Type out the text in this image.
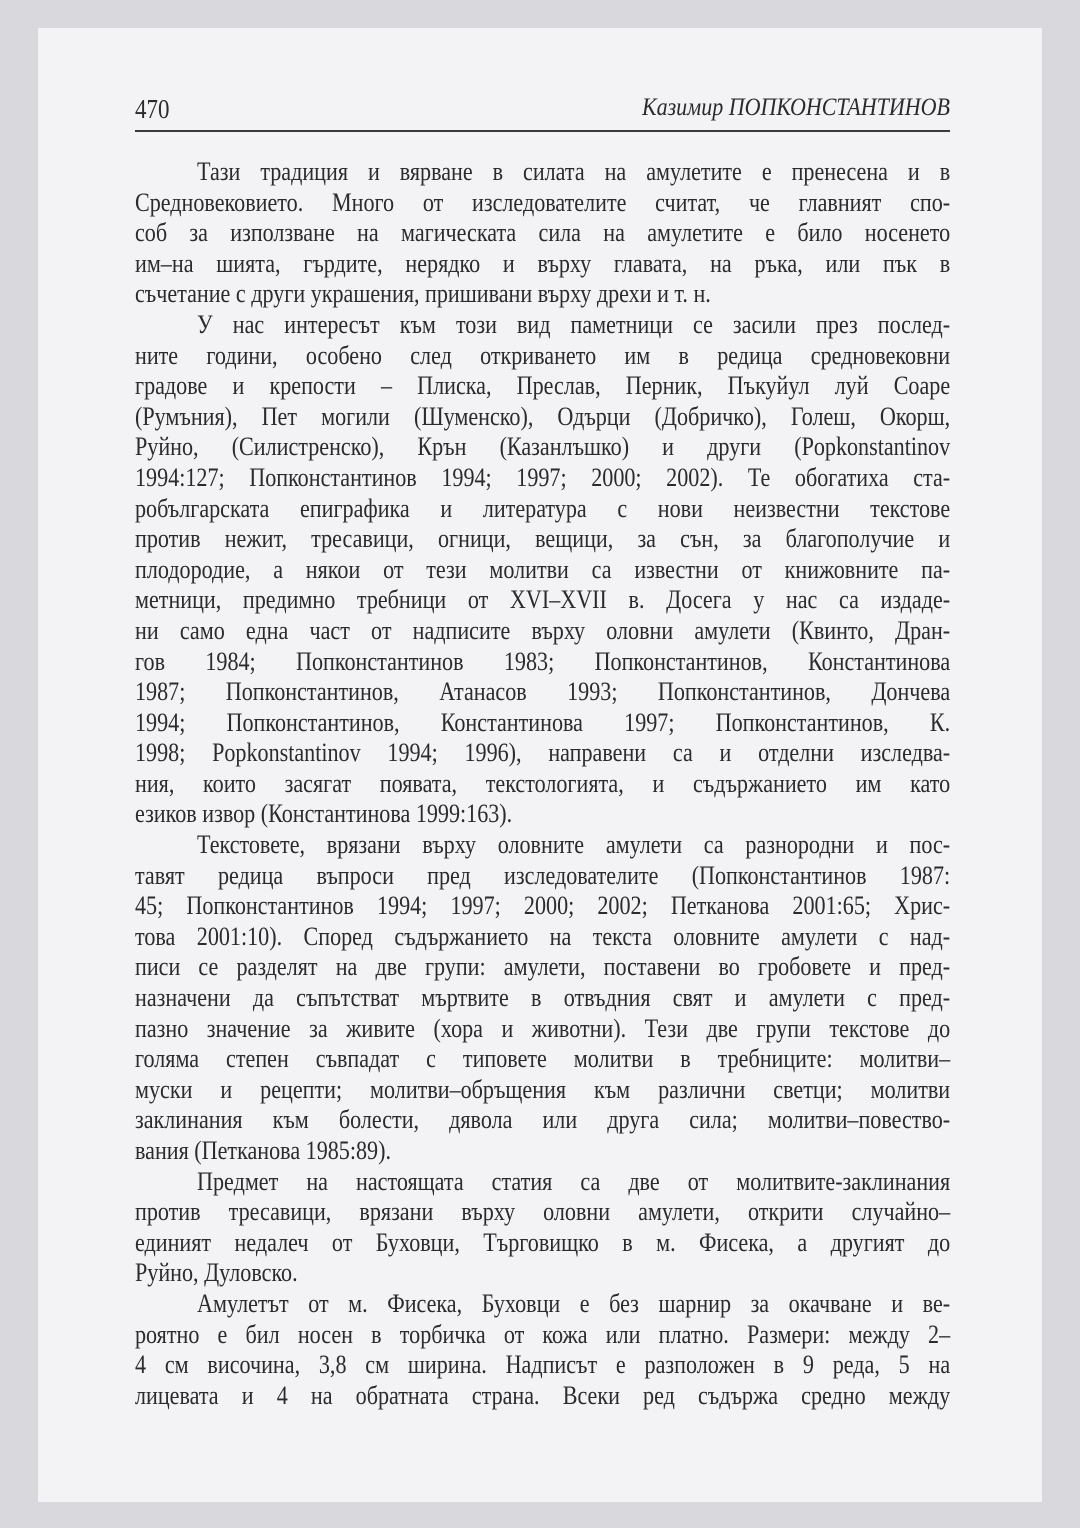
470	Казимир ПОПКОНСТАНТИНОВ
Тази традиция и вярване в силата на амулетите е пренесена и в
Средновековието. Много от изследователите считат, че главният спо-
соб за използване на магическата сила на амулетите е било носенето
им–на шията, гърдите, нерядко и върху главата, на ръка, или пък в
съчетание с други украшения, пришивани върху дрехи и т. н.
У нас интересът към този вид паметници се засили през послед-
ните години, особено след откриването им в редица средновековни
градове и крепости – Плиска, Преслав, Перник, Пъкуйул луй Соаре
(Румъния), Пет могили (Шуменско), Одърци (Добричко), Голеш, Окорш,
Руйно, (Силистренско), Крън (Казанлъшко) и други (Popkonstantinov
1994:127; Попконстантинов 1994; 1997; 2000; 2002). Те обогатиха ста-
робългарската епиграфика и литература с нови неизвестни текстове
против нежит, тресавици, огници, вещици, за сън, за благополучие и
плодородие, а някои от тези молитви са известни от книжовните па-
метници, предимно требници от XVI–XVII в. Досега у нас са издаде-
ни само една част от надписите върху оловни амулети (Квинто, Дран-
гов 1984; Попконстантинов 1983; Попконстантинов, Константинова
1987; Попконстантинов, Атанасов 1993; Попконстантинов, Дончева
1994; Попконстантинов, Константинова 1997; Попконстантинов, К.
1998; Popkonstantinov 1994; 1996), направени са и отделни изследва-
ния, които засягат появата, текстологията, и съдържанието им като
езиков извор (Константинова 1999:163).
Текстовете, врязани върху оловните амулети са разнородни и пос-
тавят редица въпроси пред изследователите (Попконстантинов 1987:
45; Попконстантинов 1994; 1997; 2000; 2002; Петканова 2001:65; Хрис-
това 2001:10). Според съдържанието на текста оловните амулети с над-
писи се разделят на две групи: амулети, поставени во гробовете и пред-
назначени да съпътстват мъртвите в отвъдния свят и амулети с пред-
пазно значение за живите (хора и животни). Тези две групи текстове до
голяма степен съвпадат с типовете молитви в требниците: молитви–
муски и рецепти; молитви–обръщения към различни светци; молитви
заклинания към болести, дявола или друга сила; молитви–повество-
вания (Петканова 1985:89).
Предмет на настоящата статия са две от молитвите-заклинания
против тресавици, врязани върху оловни амулети, открити случайно–
единият недалеч от Буховци, Търговищко в м. Фисека, а другият до
Руйно, Дуловско.
Амулетът от м. Фисека, Буховци е без шарнир за окачване и ве-
роятно е бил носен в торбичка от кожа или платно. Размери: между 2–
4 см височина, 3,8 см ширина. Надписът е разположен в 9 реда, 5 на
лицевата и 4 на обратната страна. Всеки ред съдържа средно между
